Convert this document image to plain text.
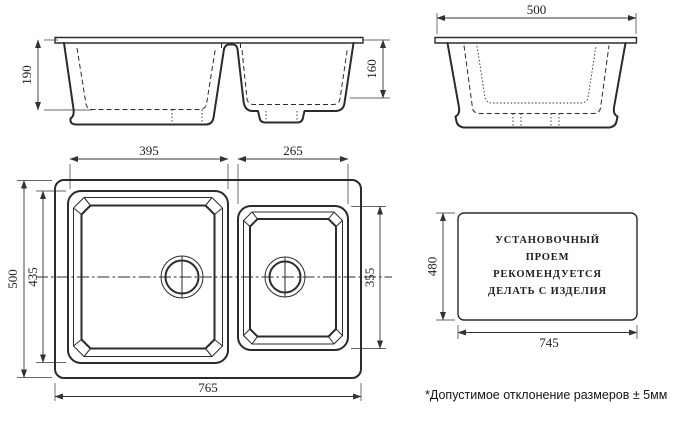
190	160
500
395	265
500 435	355
765
УСТАНОВОЧНЫЙ
ПРОЕМ
РЕКОМЕНДУЕТСЯ
ДЕЛАТЬ С ИЗДЕЛИЯ
480
745
*Допустимое отклонение размеров ± 5мм
